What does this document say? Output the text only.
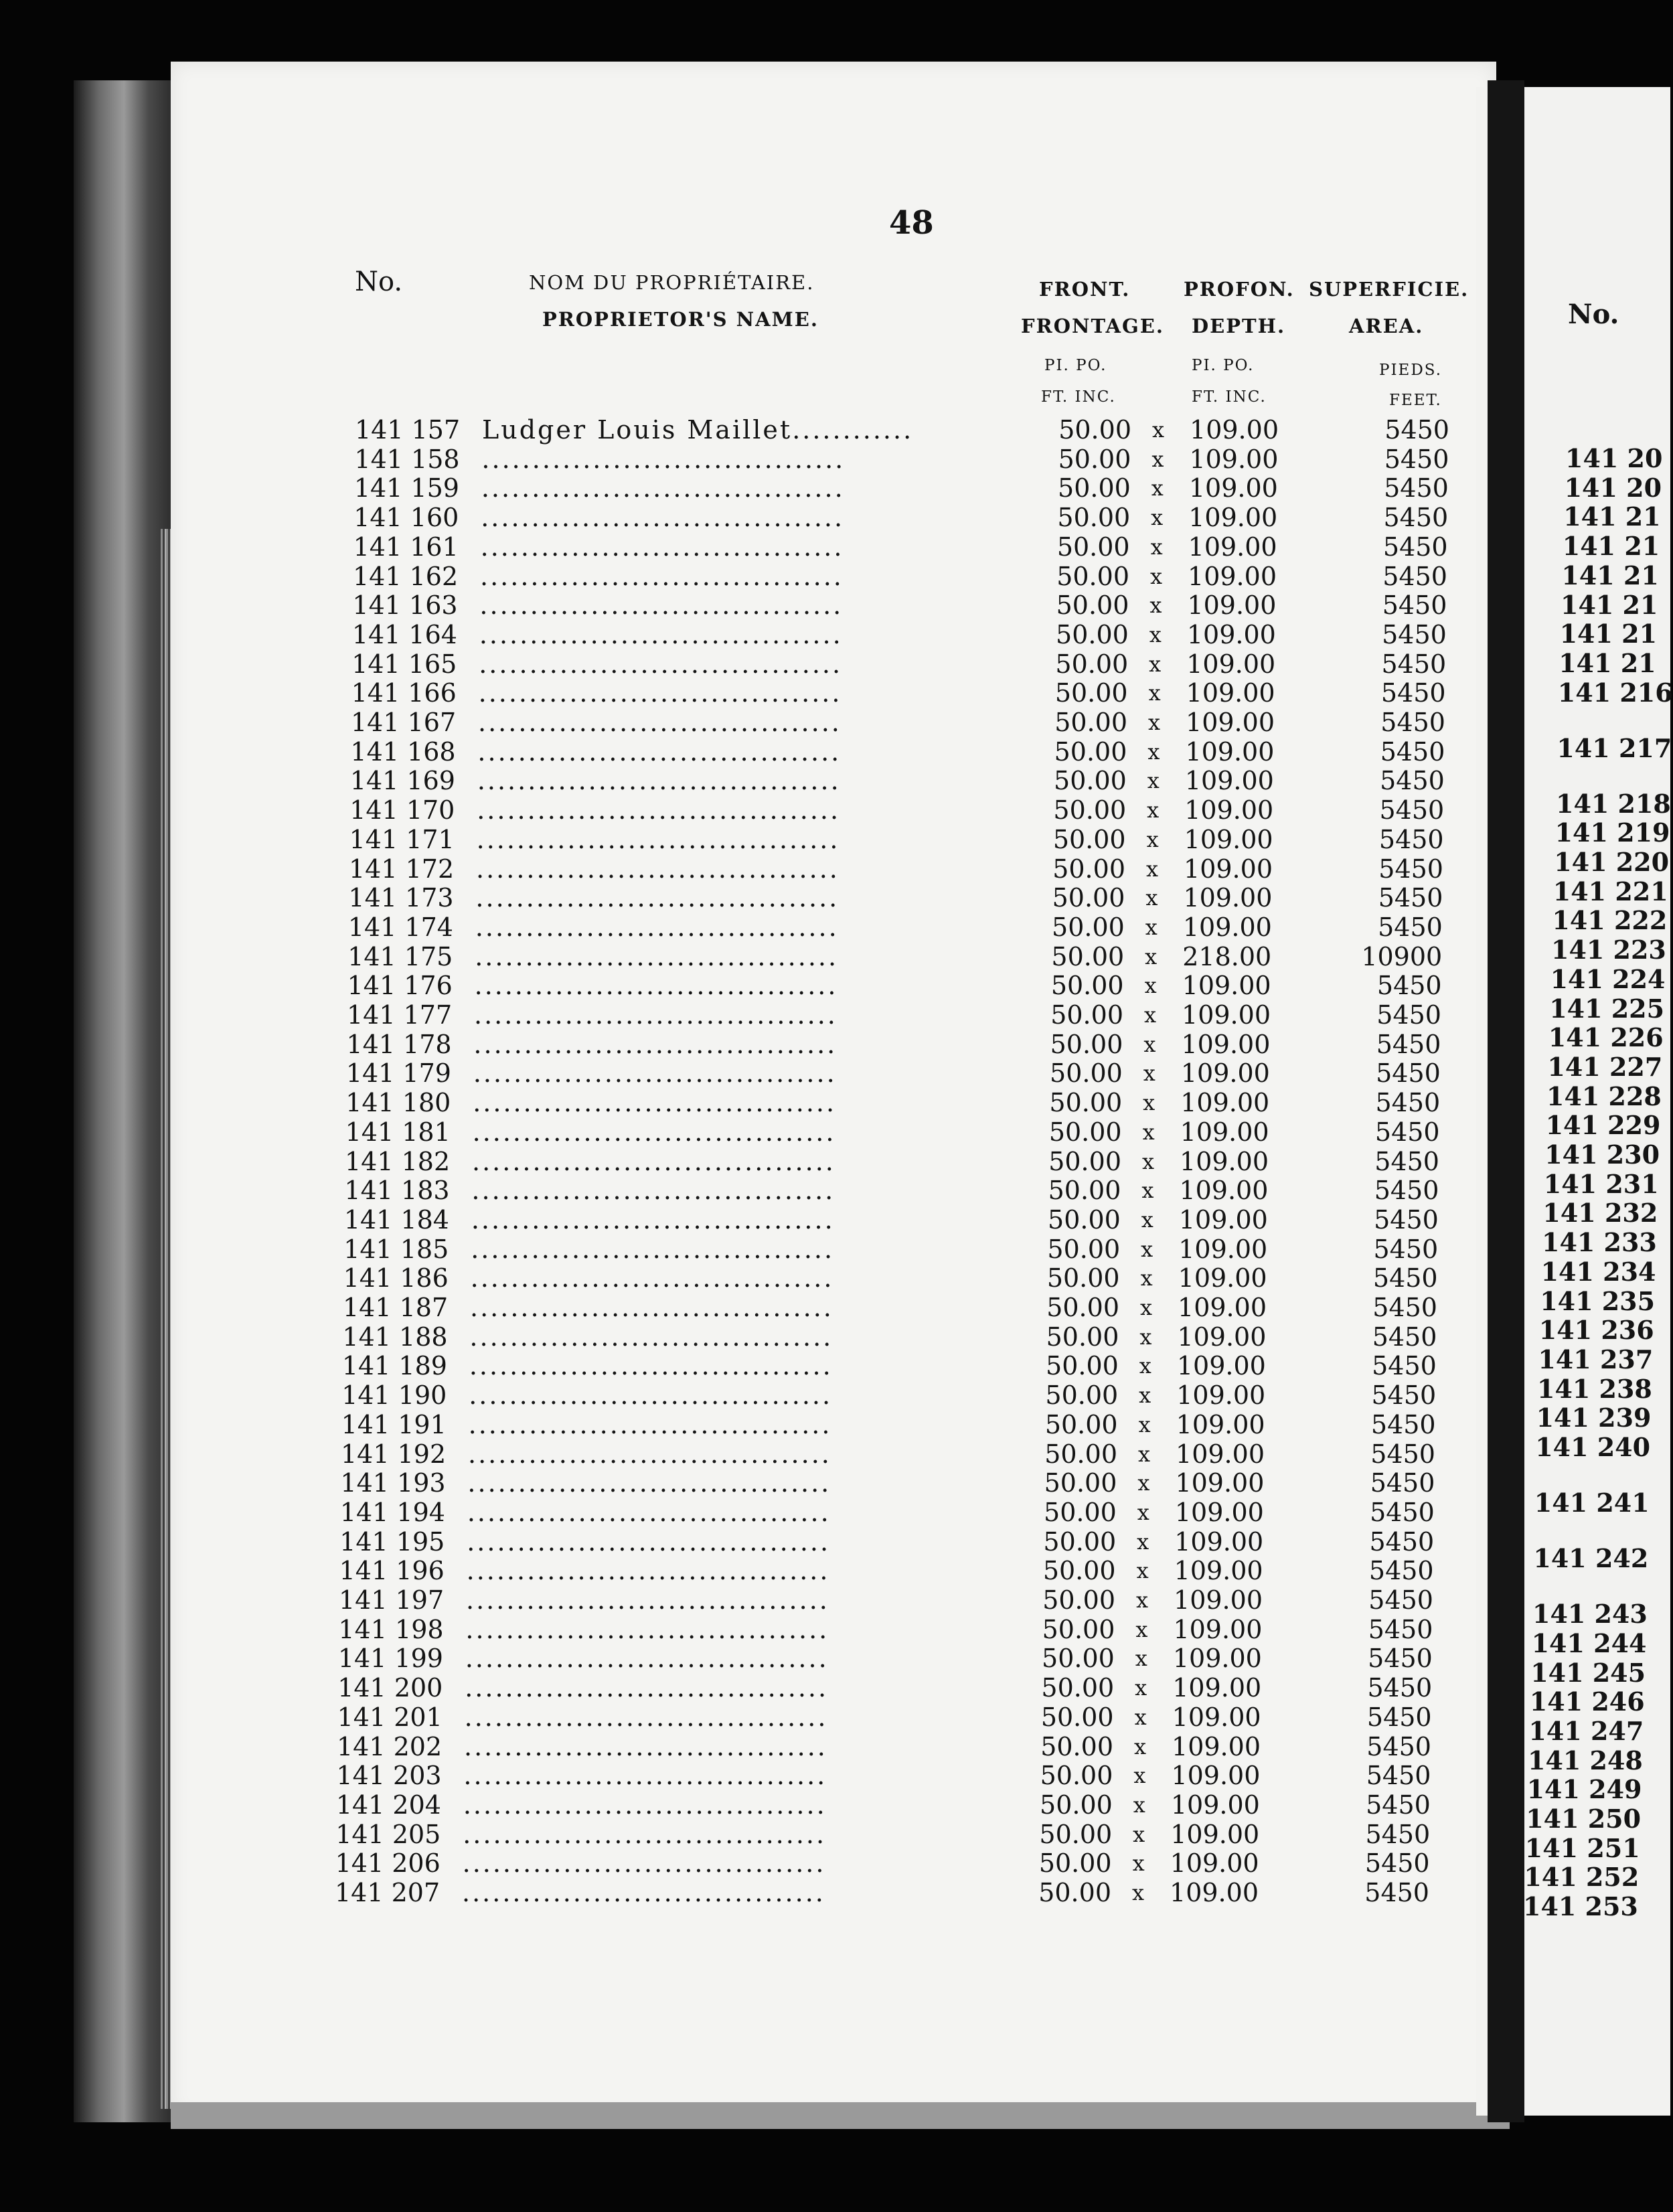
48
No.	NOM DU PROPRIÉTAIRE.
PROPRIETOR'S NAME.
FRONT.
FRONTAGE.
PI. PO.
FT. INC.
PROFON.
DEPTH.
PI. PO.
FT. INC.
SUPERFICIE.
AREA.
PIEDS.
FEET.
141 157 Ludger Louis Maillet............	50.00 x 109.00	5450
141 158 ....................................	50.00 x 109.00	5450
141 159 ....................................	50.00 x 109.00	5450
141 160 ....................................	50.00 x 109.00	5450
141 161 ....................................	50.00 x 109.00	5450
141 162 ....................................	50.00 x 109.00	5450
141 163 ....................................	50.00 x 109.00	5450
141 164 ....................................	50.00 x 109.00	5450
141 165 ....................................	50.00 x 109.00	5450
141 166 ....................................	50.00 x 109.00	5450
141 167 ....................................	50.00 x 109.00	5450
141 168 ....................................	50.00 x 109.00	5450
141 169 ....................................	50.00 x 109.00	5450
141 170 ....................................	50.00 x 109.00	5450
141 171 ....................................	50.00 x 109.00	5450
141 172 ....................................	50.00 x 109.00	5450
141 173 ....................................	50.00 x 109.00	5450
141 174 ....................................	50.00 x 109.00	5450
141 175 ....................................	50.00 x 218.00	10900
141 176 ....................................	50.00 x 109.00	5450
141 177 ....................................	50.00 x 109.00	5450
141 178 ....................................	50.00 x 109.00	5450
141 179 ....................................	50.00 x 109.00	5450
141 180 ....................................	50.00 x 109.00	5450
141 181 ....................................	50.00 x 109.00	5450
141 182 ....................................	50.00 x 109.00	5450
141 183 ....................................	50.00 x 109.00	5450
141 184 ....................................	50.00 x 109.00	5450
141 185 ....................................	50.00 x 109.00	5450
141 186 ....................................	50.00 x 109.00	5450
141 187 ....................................	50.00 x 109.00	5450
141 188 ....................................	50.00 x 109.00	5450
141 189 ....................................	50.00 x 109.00	5450
141 190 ....................................	50.00 x 109.00	5450
141 191 ....................................	50.00 x 109.00	5450
141 192 ....................................	50.00 x 109.00	5450
141 193 ....................................	50.00 x 109.00	5450
141 194 ....................................	50.00 x 109.00	5450
141 195 ....................................	50.00 x 109.00	5450
141 196 ....................................	50.00 x 109.00	5450
141 197 ....................................	50.00 x 109.00	5450
141 198 ....................................	50.00 x 109.00	5450
141 199 ....................................	50.00 x 109.00	5450
141 200 ....................................	50.00 x 109.00	5450
141 201 ....................................	50.00 x 109.00	5450
141 202 ....................................	50.00 x 109.00	5450
141 203 ....................................	50.00 x 109.00	5450
141 204 ....................................	50.00 x 109.00	5450
141 205 ....................................	50.00 x 109.00	5450
141 206 ....................................	50.00 x 109.00	5450
141 207 ....................................	50.00 x 109.00	5450
No.
141 20
141 20
141 21
141 21
141 21
141 21
141 21
141 21
141 216
141 217
141 218
141 219
141 220
141 221
141 222
141 223
141 224
141 225
141 226
141 227
141 228
141 229
141 230
141 231
141 232
141 233
141 234
141 235
141 236
141 237
141 238
141 239
141 240
141 241
141 242
141 243
141 244
141 245
141 246
141 247
141 248
141 249
141 250
141 251
141 252
141 253
